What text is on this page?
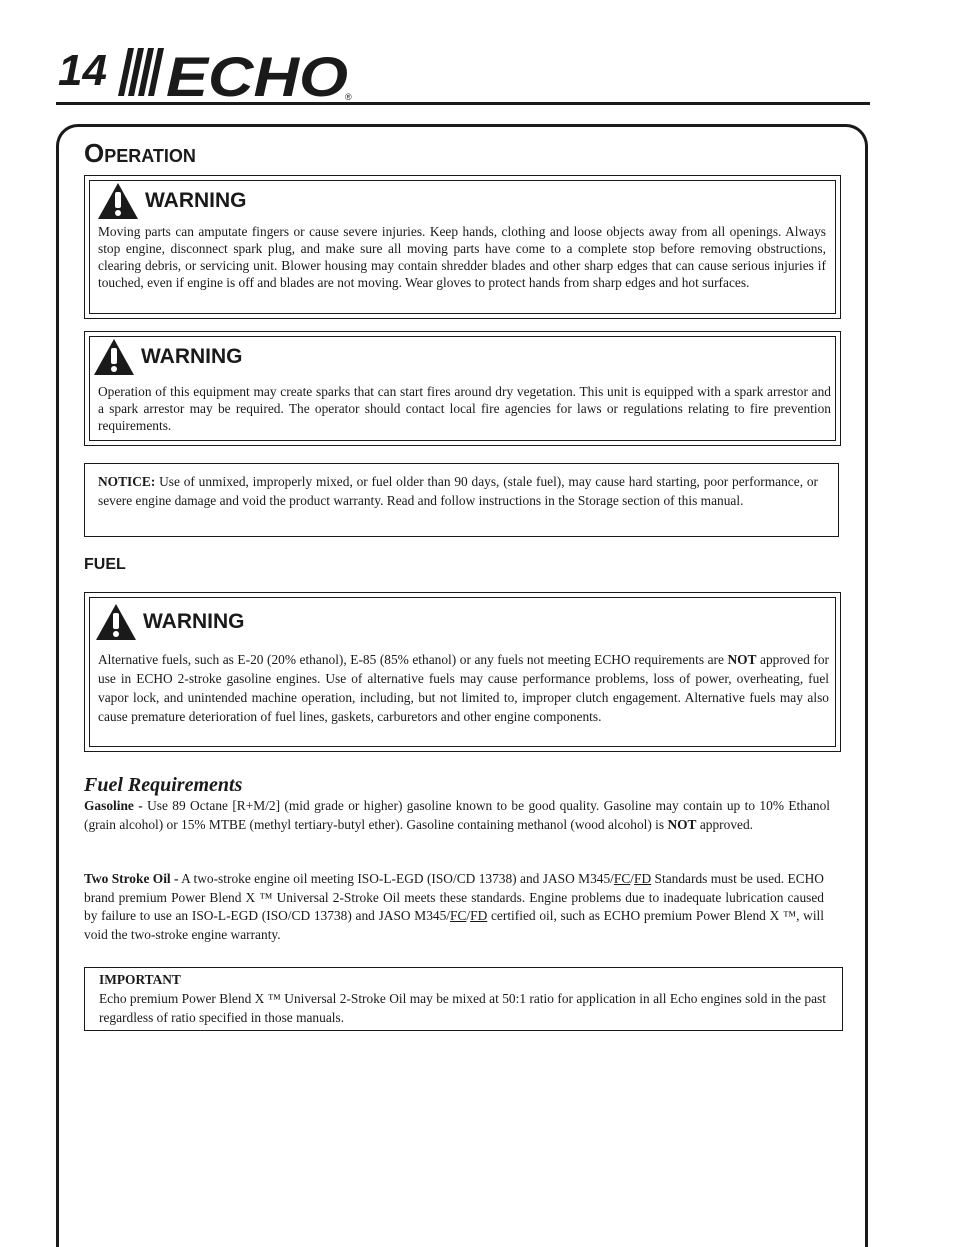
14 ECHO
®
OPERATION
WARNING
Moving parts can amputate fingers or cause severe injuries. Keep hands, clothing and loose objects away from all openings. Always stop engine, disconnect spark plug, and make sure all moving parts have come to a complete stop before removing obstructions, clearing debris, or servicing unit. Blower housing may contain shredder blades and other sharp edges that can cause serious injuries if touched, even if engine is off and blades are not moving. Wear gloves to protect hands from sharp edges and hot surfaces.
WARNING
Operation of this equipment may create sparks that can start fires around dry vegetation. This unit is equipped with a spark arrestor and a spark arrestor may be required. The operator should contact local fire agencies for laws or regulations relating to fire prevention requirements.
NOTICE: Use of unmixed, improperly mixed, or fuel older than 90 days, (stale fuel), may cause hard starting, poor performance, or severe engine damage and void the product warranty. Read and follow instructions in the Storage section of this manual.
FUEL
WARNING
Alternative fuels, such as E-20 (20% ethanol), E-85 (85% ethanol) or any fuels not meeting ECHO requirements are NOT approved for use in ECHO 2-stroke gasoline engines. Use of alternative fuels may cause performance problems, loss of power, overheating, fuel vapor lock, and unintended machine operation, including, but not limited to, improper clutch engagement. Alternative fuels may also cause premature deterioration of fuel lines, gaskets, carburetors and other engine components.
Fuel Requirements
Gasoline - Use 89 Octane [R+M/2] (mid grade or higher) gasoline known to be good quality. Gasoline may contain up to 10% Ethanol (grain alcohol) or 15% MTBE (methyl tertiary-butyl ether). Gasoline containing methanol (wood alcohol) is NOT approved.
Two Stroke Oil - A two-stroke engine oil meeting ISO-L-EGD (ISO/CD 13738) and JASO M345/FC/FD Standards must be used. ECHO brand premium Power Blend X ™ Universal 2-Stroke Oil meets these standards. Engine problems due to inadequate lubrication caused by failure to use an ISO-L-EGD (ISO/CD 13738) and JASO M345/FC/FD certified oil, such as ECHO premium Power Blend X ™, will void the two-stroke engine warranty.
IMPORTANT
Echo premium Power Blend X ™ Universal 2-Stroke Oil may be mixed at 50:1 ratio for application in all Echo engines sold in the past regardless of ratio specified in those manuals.
